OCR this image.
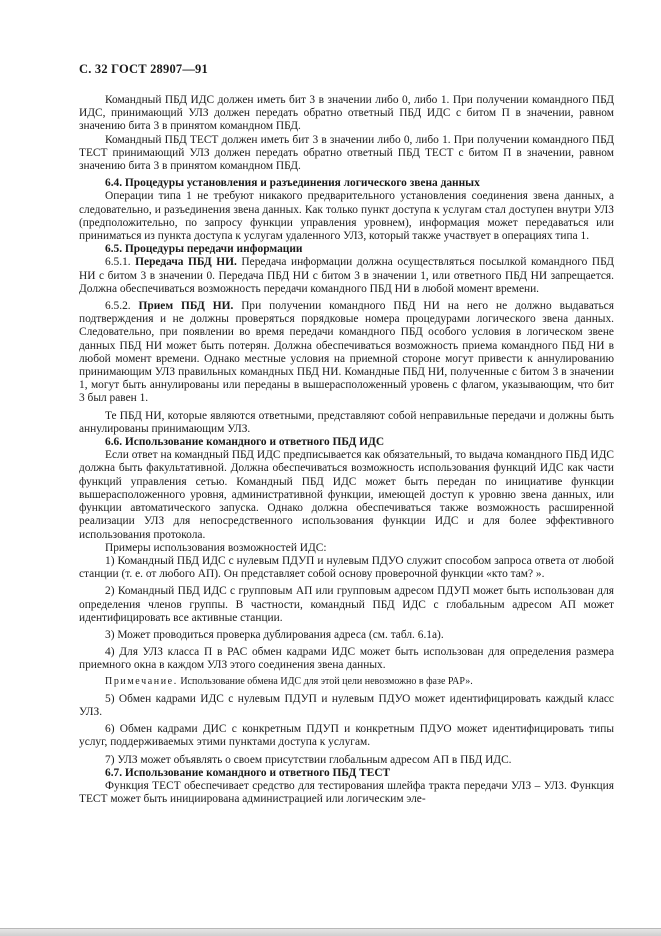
С. 32 ГОСТ 28907—91

Командный ПБД ИДС должен иметь бит 3 в значении либо 0, либо 1. При получении командного ПБД ИДС, принимающий УЛЗ должен передать обратно ответный ПБД ИДС с битом П в значении, равном значению бита 3 в принятом командном ПБД.

Командный ПБД ТЕСТ должен иметь бит 3 в значении либо 0, либо 1. При получении командного ПБД ТЕСТ принимающий УЛЗ должен передать обратно ответный ПБД ТЕСТ с битом П в значении, равном значению бита 3 в принятом командном ПБД.

6.4. Процедуры установления и разъединения логического звена данных

Операции типа 1 не требуют никакого предварительного установления соединения звена данных, а следовательно, и разъединения звена данных. Как только пункт доступа к услугам стал доступен внутри УЛЗ (предположительно, по запросу функции управления уровнем), информация может передаваться или приниматься из пункта доступа к услугам удаленного УЛЗ, который также участвует в операциях типа 1.

6.5. Процедуры передачи информации

6.5.1. Передача ПБД НИ. Передача информации должна осуществляться посылкой командного ПБД НИ с битом 3 в значении 0. Передача ПБД НИ с битом 3 в значении 1, или ответного ПБД НИ запрещается. Должна обеспечиваться возможность передачи командного ПБД НИ в любой момент времени.

6.5.2. Прием ПБД НИ. При получении командного ПБД НИ на него не должно выдаваться подтверждения и не должны проверяться порядковые номера процедурами логического звена данных. Следовательно, при появлении во время передачи командного ПБД особого условия в логическом звене данных ПБД НИ может быть потерян. Должна обеспечиваться возможность приема командного ПБД НИ в любой момент времени. Однако местные условия на приемной стороне могут привести к аннулированию принимающим УЛЗ правильных командных ПБД НИ. Командные ПБД НИ, полученные с битом 3 в значении 1, могут быть аннулированы или переданы в вышерасположенный уровень с флагом, указывающим, что бит 3 был равен 1.

Те ПБД НИ, которые являются ответными, представляют собой неправильные передачи и должны быть аннулированы принимающим УЛЗ.

6.6. Использование командного и ответного ПБД ИДС

Если ответ на командный ПБД ИДС предписывается как обязательный, то выдача командного ПБД ИДС должна быть факультативной. Должна обеспечиваться возможность использования функций ИДС как части функций управления сетью. Командный ПБД ИДС может быть передан по инициативе функции вышерасположенного уровня, административной функции, имеющей доступ к уровню звена данных, или функции автоматического запуска. Однако должна обеспечиваться также возможность расширенной реализации УЛЗ для непосредственного использования функции ИДС и для более эффективного использования протокола.

Примеры использования возможностей ИДС:

1) Командный ПБД ИДС с нулевым ПДУП и нулевым ПДУО служит способом запроса ответа от любой станции (т. е. от любого АП). Он представляет собой основу проверочной функции «кто там? ».

2) Командный ПБД ИДС с групповым АП или групповым адресом ПДУП может быть использован для определения членов группы. В частности, командный ПБД ИДС с глобальным адресом АП может идентифицировать все активные станции.

3) Может проводиться проверка дублирования адреса (см. табл. 6.1а).

4) Для УЛЗ класса П в РАС обмен кадрами ИДС может быть использован для определения размера приемного окна в каждом УЛЗ этого соединения звена данных.

Примечание. Использование обмена ИДС для этой цели невозможно в фазе РАР».

5) Обмен кадрами ИДС с нулевым ПДУП и нулевым ПДУО может идентифицировать каждый класс УЛЗ.

6) Обмен кадрами ДИС с конкретным ПДУП и конкретным ПДУО может идентифицировать типы услуг, поддерживаемых этими пунктами доступа к услугам.

7) УЛЗ может объявлять о своем присутствии глобальным адресом АП в ПБД ИДС.

6.7. Использование командного и ответного ПБД ТЕСТ

Функция ТЕСТ обеспечивает средство для тестирования шлейфа тракта передачи УЛЗ – УЛЗ. Функция ТЕСТ может быть инициирована администрацией или логическим эле-
